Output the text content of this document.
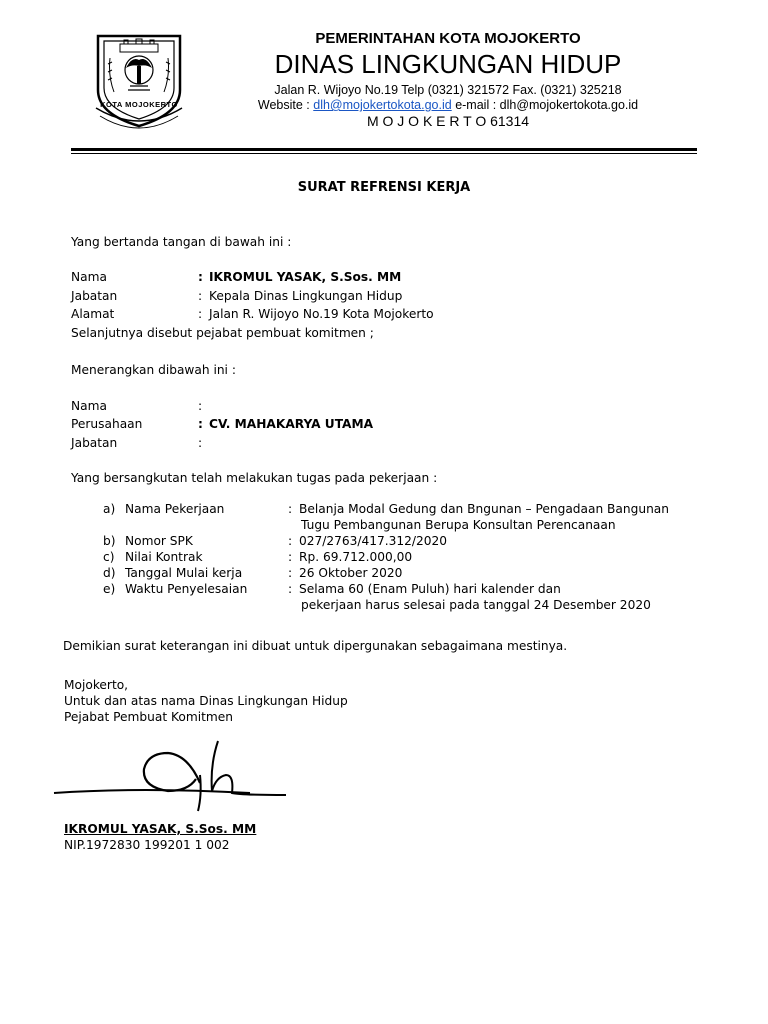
KOTA MOJOKERTO
PEMERINTAHAN KOTA MOJOKERTO
DINAS LINGKUNGAN HIDUP
Jalan R. Wijoyo No.19 Telp (0321) 321572 Fax. (0321) 325218
Website : dlh@mojokertokota.go.id e-mail : dlh@mojokertokota.go.id
M O J O K E R T O 61314
SURAT REFRENSI KERJA
Yang bertanda tangan di bawah ini :
Nama	: IKROMUL YASAK, S.Sos. MM
Jabatan	: Kepala Dinas Lingkungan Hidup
Alamat	: Jalan R. Wijoyo No.19 Kota Mojokerto
Selanjutnya disebut pejabat pembuat komitmen ;
Menerangkan dibawah ini :
Nama	:
Perusahaan	: CV. MAHAKARYA UTAMA
Jabatan	:
Yang bersangkutan telah melakukan tugas pada pekerjaan :
a) Nama Pekerjaan	: Belanja Modal Gedung dan Bngunan – Pengadaan Bangunan
Tugu Pembangunan Berupa Konsultan Perencanaan
b) Nomor SPK	: 027/2763/417.312/2020
c) Nilai Kontrak	: Rp. 69.712.000,00
d) Tanggal Mulai kerja	: 26 Oktober 2020
e) Waktu Penyelesaian	: Selama 60 (Enam Puluh) hari kalender dan
pekerjaan harus selesai pada tanggal 24 Desember 2020
Demikian surat keterangan ini dibuat untuk dipergunakan sebagaimana mestinya.
Mojokerto,
Untuk dan atas nama Dinas Lingkungan Hidup
Pejabat Pembuat Komitmen
IKROMUL YASAK, S.Sos. MM
NIP.1972830 199201 1 002
